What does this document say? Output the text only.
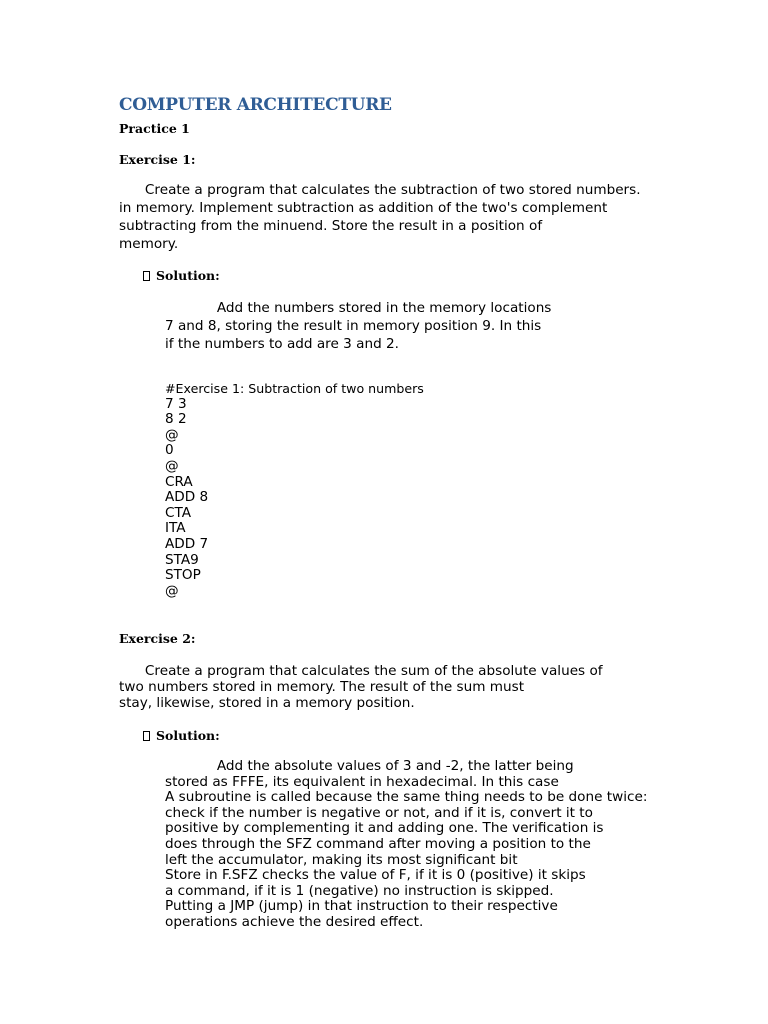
COMPUTER ARCHITECTURE
Practice 1
Exercise 1:
Create a program that calculates the subtraction of two stored numbers.
in memory. Implement subtraction as addition of the two's complement
subtracting from the minuend. Store the result in a position of
memory.
Solution:
Add the numbers stored in the memory locations
7 and 8, storing the result in memory position 9. In this
if the numbers to add are 3 and 2.
#Exercise 1: Subtraction of two numbers
7 3
8 2
@
0
@
CRA
ADD 8
CTA
ITA
ADD 7
STA9
STOP
@
Exercise 2:
Create a program that calculates the sum of the absolute values of
two numbers stored in memory. The result of the sum must
stay, likewise, stored in a memory position.
Solution:
Add the absolute values of 3 and -2, the latter being
stored as FFFE, its equivalent in hexadecimal. In this case
A subroutine is called because the same thing needs to be done twice:
check if the number is negative or not, and if it is, convert it to
positive by complementing it and adding one. The verification is
does through the SFZ command after moving a position to the
left the accumulator, making its most significant bit
Store in F.SFZ checks the value of F, if it is 0 (positive) it skips
a command, if it is 1 (negative) no instruction is skipped.
Putting a JMP (jump) in that instruction to their respective
operations achieve the desired effect.
